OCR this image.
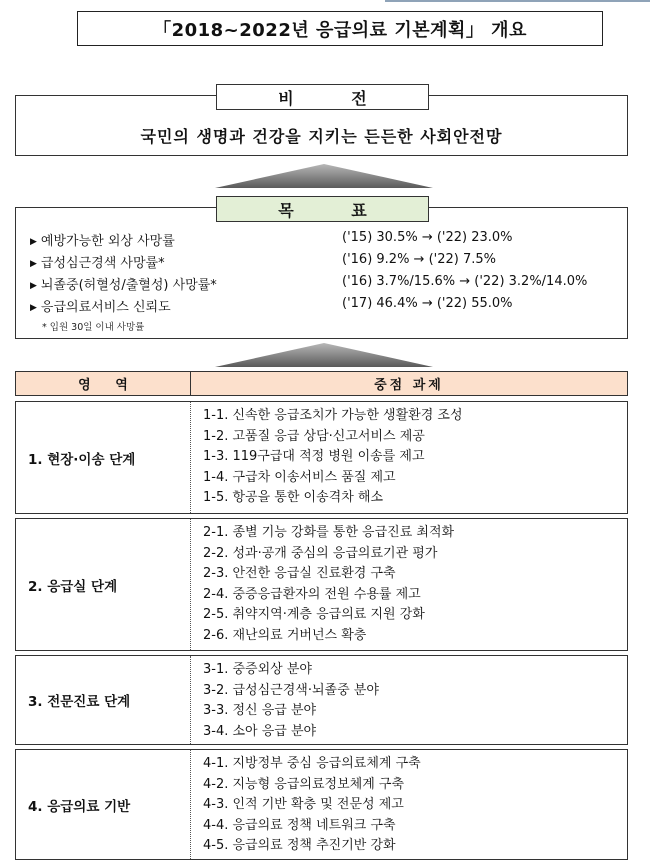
「2018~2022년 응급의료 기본계획」 개요
국민의 생명과 건강을 지키는 든든한 사회안전망
비 전
▶ 예방가능한 외상 사망률	('15) 30.5% → ('22) 23.0%
▶ 급성심근경색 사망률*	('16) 9.2% → ('22) 7.5%
▶ 뇌졸중(허혈성/출혈성) 사망률*	('16) 3.7%/15.6% → ('22) 3.2%/14.0%
▶ 응급의료서비스 신뢰도	('17) 46.4% → ('22) 55.0%
* 입원 30일 이내 사망률
목 표
영 역	중점 과제
1. 현장·이송 단계
1-1. 신속한 응급조치가 가능한 생활환경 조성
1-2. 고품질 응급 상담·신고서비스 제공
1-3. 119구급대 적정 병원 이송를 제고
1-4. 구급차 이송서비스 품질 제고
1-5. 항공을 통한 이송격차 해소
2. 응급실 단계
2-1. 종별 기능 강화를 통한 응급진료 최적화
2-2. 성과·공개 중심의 응급의료기관 평가
2-3. 안전한 응급실 진료환경 구축
2-4. 중증응급환자의 전원 수용률 제고
2-5. 취약지역·계층 응급의료 지원 강화
2-6. 재난의료 거버넌스 확충
3. 전문진료 단계
3-1. 중증외상 분야
3-2. 급성심근경색·뇌졸중 분야
3-3. 정신 응급 분야
3-4. 소아 응급 분야
4. 응급의료 기반
4-1. 지방정부 중심 응급의료체계 구축
4-2. 지능형 응급의료정보체계 구축
4-3. 인적 기반 확충 및 전문성 제고
4-4. 응급의료 정책 네트워크 구축
4-5. 응급의료 정책 추진기반 강화
